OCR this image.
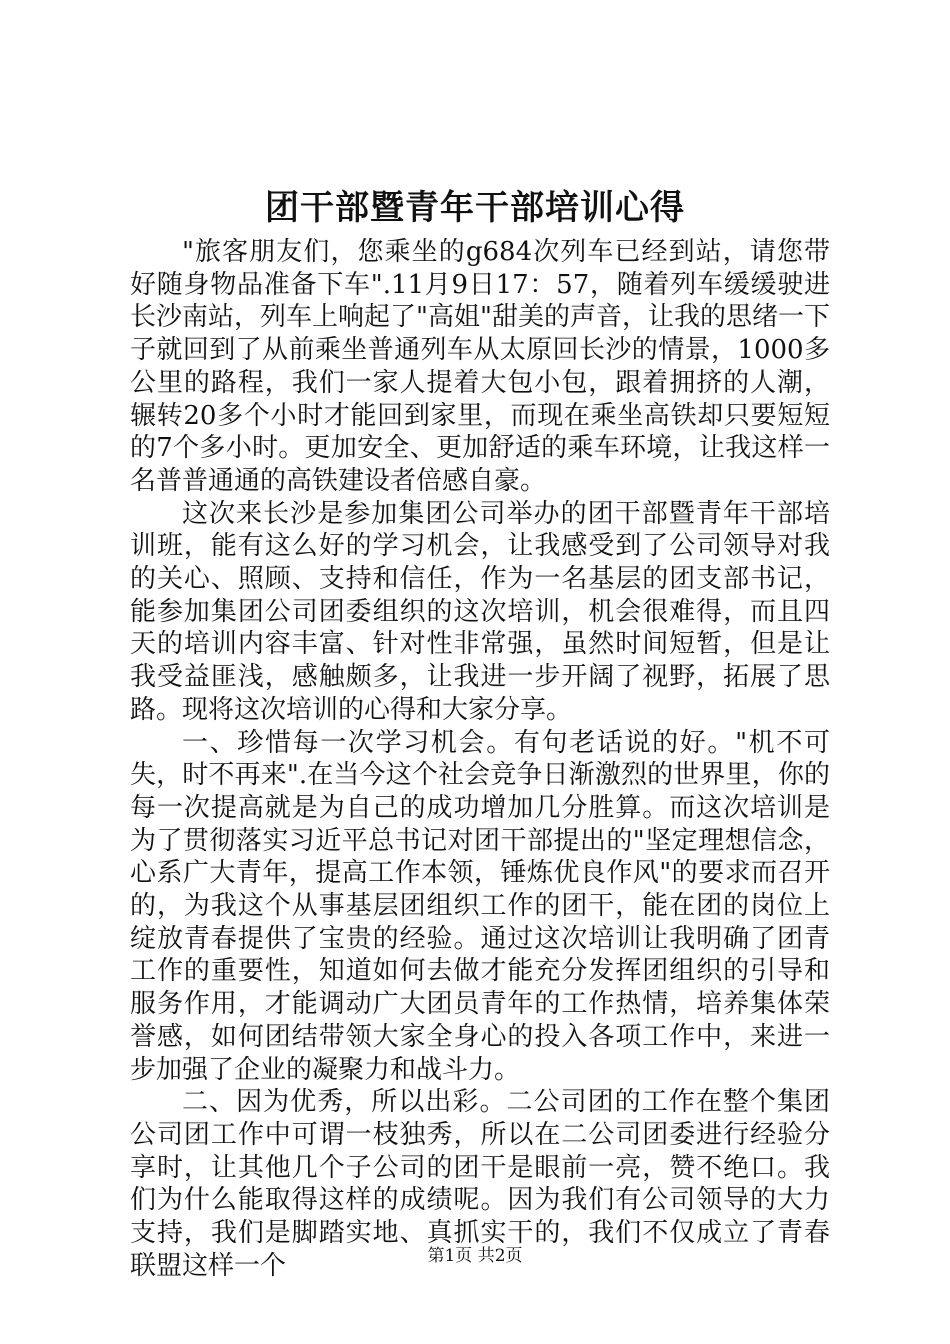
团干部暨青年干部培训心得

"旅客朋友们，您乘坐的g684次列车已经到站，请您带好随身物品准备下车".11月9日17：57，随着列车缓缓驶进长沙南站，列车上响起了"高姐"甜美的声音，让我的思绪一下子就回到了从前乘坐普通列车从太原回长沙的情景，1000多公里的路程，我们一家人提着大包小包，跟着拥挤的人潮，辗转20多个小时才能回到家里，而现在乘坐高铁却只要短短的7个多小时。更加安全、更加舒适的乘车环境，让我这样一名普普通通的高铁建设者倍感自豪。

这次来长沙是参加集团公司举办的团干部暨青年干部培训班，能有这么好的学习机会，让我感受到了公司领导对我的关心、照顾、支持和信任，作为一名基层的团支部书记，能参加集团公司团委组织的这次培训，机会很难得，而且四天的培训内容丰富、针对性非常强，虽然时间短暂，但是让我受益匪浅，感触颇多，让我进一步开阔了视野，拓展了思路。现将这次培训的心得和大家分享。

一、珍惜每一次学习机会。有句老话说的好。"机不可失，时不再来".在当今这个社会竞争日渐激烈的世界里，你的每一次提高就是为自己的成功增加几分胜算。而这次培训是为了贯彻落实习近平总书记对团干部提出的"坚定理想信念，心系广大青年，提高工作本领，锤炼优良作风"的要求而召开的，为我这个从事基层团组织工作的团干，能在团的岗位上绽放青春提供了宝贵的经验。通过这次培训让我明确了团青工作的重要性，知道如何去做才能充分发挥团组织的引导和服务作用，才能调动广大团员青年的工作热情，培养集体荣誉感，如何团结带领大家全身心的投入各项工作中，来进一步加强了企业的凝聚力和战斗力。

二、因为优秀，所以出彩。二公司团的工作在整个集团公司团工作中可谓一枝独秀，所以在二公司团委进行经验分享时，让其他几个子公司的团干是眼前一亮，赞不绝口。我们为什么能取得这样的成绩呢。因为我们有公司领导的大力支持，我们是脚踏实地、真抓实干的，我们不仅成立了青春联盟这样一个	第1页 共2页
